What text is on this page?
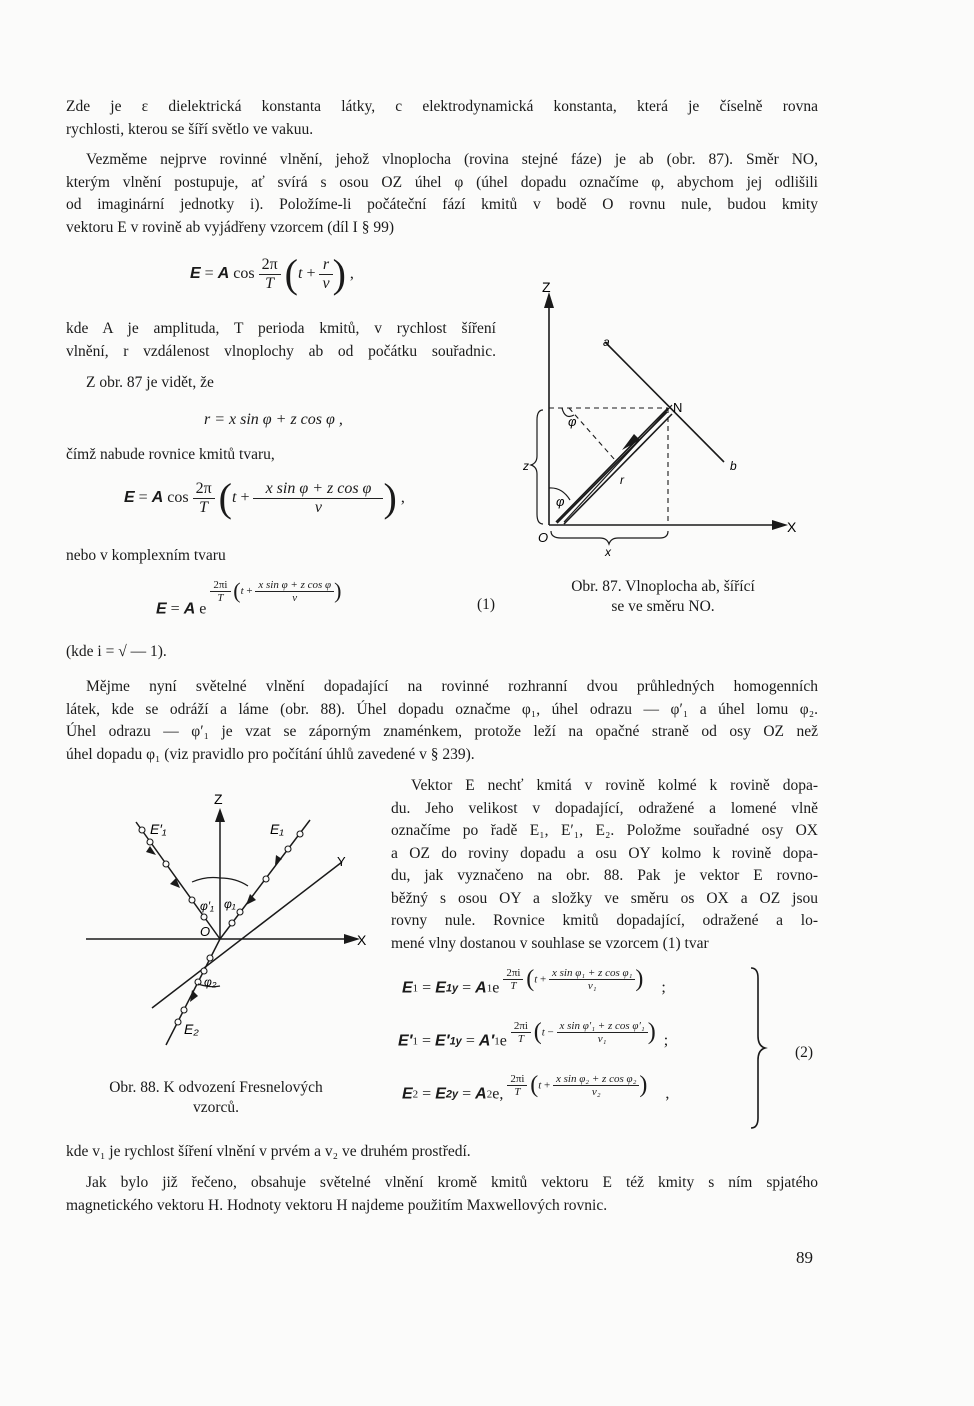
Zde je ε dielektrická konstanta látky, c elektrodynamická konstanta, která je číselně rovna
rychlosti, kterou se šíří světlo ve vakuu.
Vezměme nejprve rovinné vlnění, jehož vlnoplocha (rovina stejné fáze) je ab (obr. 87). Směr NO,
kterým vlnění postupuje, ať svírá s osou OZ úhel φ (úhel dopadu označíme φ, abychom jej odlišili
od imaginární jednotky i). Položíme-li počáteční fází kmitů v bodě O rovnu nule, budou kmity
vektoru E v rovině ab vyjádřeny vzorcem (díl I § 99)
E = A $\cos \frac{2\pi}{T} (t + \frac{r}{v}$ ) ,
kde A je amplituda, T perioda kmitů, v rychlost šíření
vlnění, r vzdálenost vlnoplochy ab od počátku souřadnic.
Z obr. 87 je vidět, že
r = x sin φ + z cos φ ,
čímž nabude rovnice kmitů tvaru,
E = A $\cos \frac{2\pi}{T} (t + \frac{\text{x sin φ + z cos φ}}{v}$ ) ,
nebo v komplexním tvaru
E = A e
$\frac{2\pi i}{T} (t + \frac{\text{x sin φ + z cos φ}}{v}$ )
(1)
(kde i = √ — 1).
Z
X
O
a
b
N
r
z
x
φ
φ
Obr. 87. Vlnoplocha ab, šířící
se ve směru NO.
Mějme nyní světelné vlnění dopadající na rovinné rozhranní dvou průhledných homogenních
látek, kde se odráží a láme (obr. 88). Úhel dopadu označme φ₁, úhel odrazu — φ′₁ a úhel lomu φ₂.
Úhel odrazu — φ′₁ je vzat se záporným znaménkem, protože leží na opačné straně od osy OZ než
úhel dopadu φ₁ (viz pravidlo pro počítání úhlů zavedené v § 239).
Z
X
Y
O
E₁
E′₁
E₂
φ₁
φ′₁
φ₂
Obr. 88. K odvození Fresnelových
vzorců.
Vektor E nechť kmitá v rovině kolmé k rovině dopa-
du. Jeho velikost v dopadající, odražené a lomené vlně
označíme po řadě E₁, E′₁, E₂. Položme souřadné osy OX
a OZ do roviny dopadu a osu OY kolmo k rovině dopa-
du, jak vyznačeno na obr. 88. Pak je vektor E rovno-
běžný s osou OY a složky ve směru os OX a OZ jsou
rovny nule. Rovnice kmitů dopadající, odražené a lo-
mené vlny dostanou v souhlase se vzorcem (1) tvar
$E1 = E1y = A1e \frac{2\pi i}{T} (t + \frac{\text{x sin φ₁ + z cos φ₁}}{\text{v₁}}$ ) ;
$E'1 = E'1y = A'1e \frac{2\pi i}{T} (t - \frac{\text{x sin φ′₁ + z cos φ′₁}}{\text{v₁}}$ ) ;
E2 = E2y = A2e, $\frac{2\pi i}{T} (t + \frac{\text{x sin φ₂ + z cos φ₂}}{\text{v₂}}$ ) ,
(2)
kde v₁ je rychlost šíření vlnění v prvém a v₂ ve druhém prostředí.
Jak bylo již řečeno, obsahuje světelné vlnění kromě kmitů vektoru E též kmity s ním spjatého
magnetického vektoru H. Hodnoty vektoru H najdeme použitím Maxwellových rovnic.
89
